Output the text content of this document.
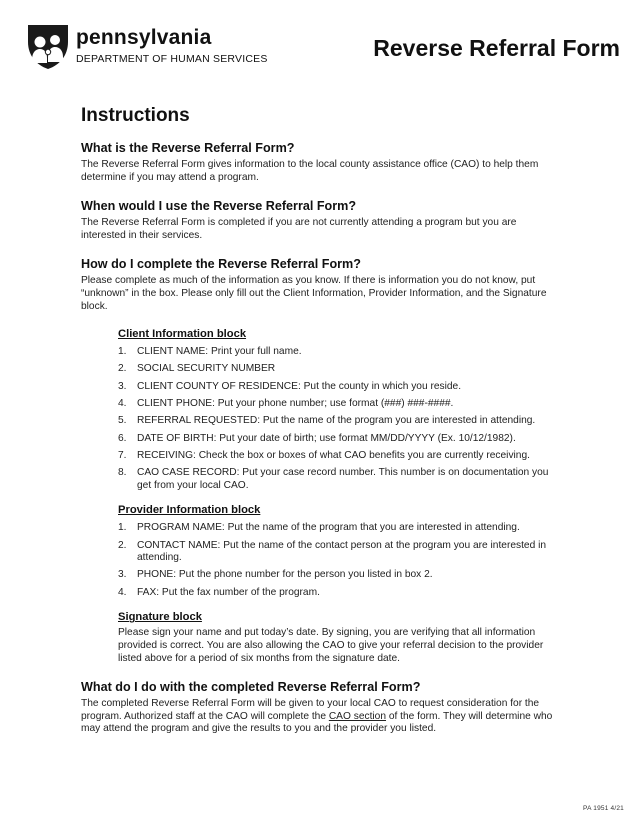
pennsylvania
DEPARTMENT OF HUMAN SERVICES	Reverse Referral Form
Instructions
What is the Reverse Referral Form?

The Reverse Referral Form gives information to the local county assistance office (CAO) to help them determine if you may attend a program.

When would I use the Reverse Referral Form?

The Reverse Referral Form is completed if you are not currently attending a program but you are interested in their services.

How do I complete the Reverse Referral Form?

Please complete as much of the information as you know. If there is information you do not know, put “unknown” in the box. Please only fill out the Client Information, Provider Information, and the Signature block.

Client Information block
1. CLIENT NAME: Print your full name.
2. SOCIAL SECURITY NUMBER
3. CLIENT COUNTY OF RESIDENCE: Put the county in which you reside.
4. CLIENT PHONE: Put your phone number; use format (###) ###-####.
5. REFERRAL REQUESTED: Put the name of the program you are interested in attending.
6. DATE OF BIRTH: Put your date of birth; use format MM/DD/YYYY (Ex. 10/12/1982).
7. RECEIVING: Check the box or boxes of what CAO benefits you are currently receiving.
8. CAO CASE RECORD: Put your case record number. This number is on documentation you get from your local CAO.
Provider Information block
1. PROGRAM NAME: Put the name of the program that you are interested in attending.
2. CONTACT NAME: Put the name of the contact person at the program you are interested in attending.
3. PHONE: Put the phone number for the person you listed in box 2.
4. FAX: Put the fax number of the program.
Signature block

Please sign your name and put today’s date. By signing, you are verifying that all information provided is correct. You are also allowing the CAO to give your referral decision to the provider listed above for a period of six months from the signature date.

What do I do with the completed Reverse Referral Form?

The completed Reverse Referral Form will be given to your local CAO to request consideration for the program. Authorized staff at the CAO will complete the CAO section of the form. They will determine who may attend the program and give the results to you and the provider you listed.

PA 1951 4/21
